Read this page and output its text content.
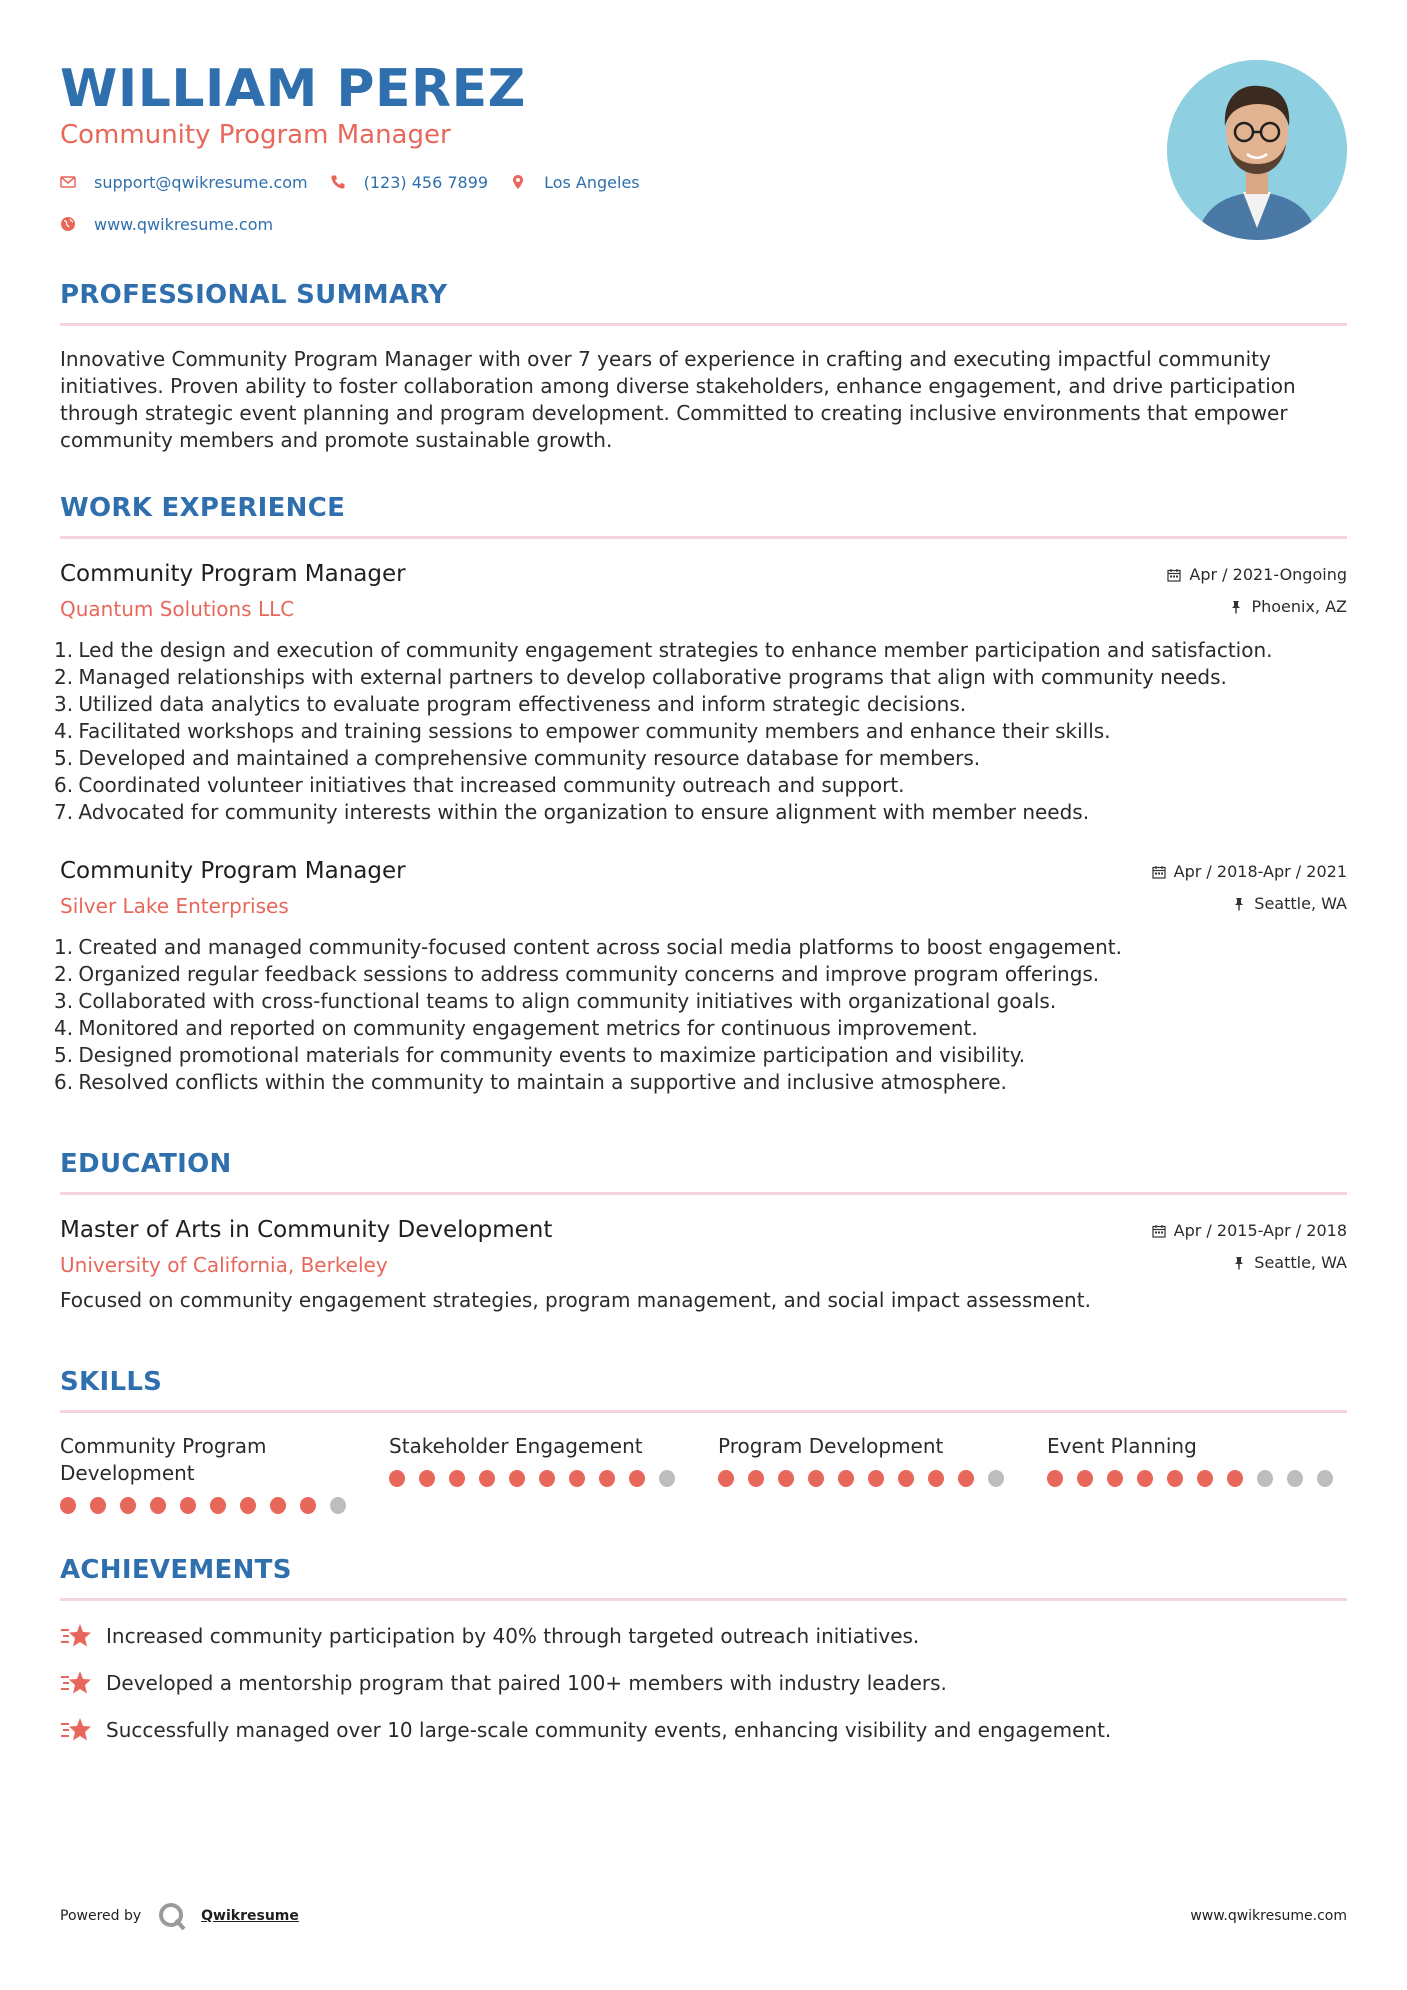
WILLIAM PEREZ
Community Program Manager
support@qwikresume.com	(123) 456 7899	Los Angeles
www.qwikresume.com
PROFESSIONAL SUMMARY

Innovative Community Program Manager with over 7 years of experience in crafting and executing impactful community initiatives. Proven ability to foster collaboration among diverse stakeholders, enhance engagement, and drive participation through strategic event planning and program development. Committed to creating inclusive environments that empower community members and promote sustainable growth.

WORK EXPERIENCE
Community Program Manager
Quantum Solutions LLC
Apr / 2021-Ongoing
Phoenix, AZ
1. Led the design and execution of community engagement strategies to enhance member participation and satisfaction.
2. Managed relationships with external partners to develop collaborative programs that align with community needs.
3. Utilized data analytics to evaluate program effectiveness and inform strategic decisions.
4. Facilitated workshops and training sessions to empower community members and enhance their skills.
5. Developed and maintained a comprehensive community resource database for members.
6. Coordinated volunteer initiatives that increased community outreach and support.
7. Advocated for community interests within the organization to ensure alignment with member needs.
Community Program Manager
Silver Lake Enterprises
Apr / 2018-Apr / 2021
Seattle, WA
1. Created and managed community-focused content across social media platforms to boost engagement.
2. Organized regular feedback sessions to address community concerns and improve program offerings.
3. Collaborated with cross-functional teams to align community initiatives with organizational goals.
4. Monitored and reported on community engagement metrics for continuous improvement.
5. Designed promotional materials for community events to maximize participation and visibility.
6. Resolved conflicts within the community to maintain a supportive and inclusive atmosphere.
EDUCATION
Master of Arts in Community Development
University of California, Berkeley
Apr / 2015-Apr / 2018
Seattle, WA
Focused on community engagement strategies, program management, and social impact assessment.
SKILLS
Community Program Development
Stakeholder Engagement	Program Development	Event Planning
ACHIEVEMENTS
Increased community participation by 40% through targeted outreach initiatives.
Developed a mentorship program that paired 100+ members with industry leaders.
Successfully managed over 10 large-scale community events, enhancing visibility and engagement.
Powered by	Qwikresume	www.qwikresume.com
